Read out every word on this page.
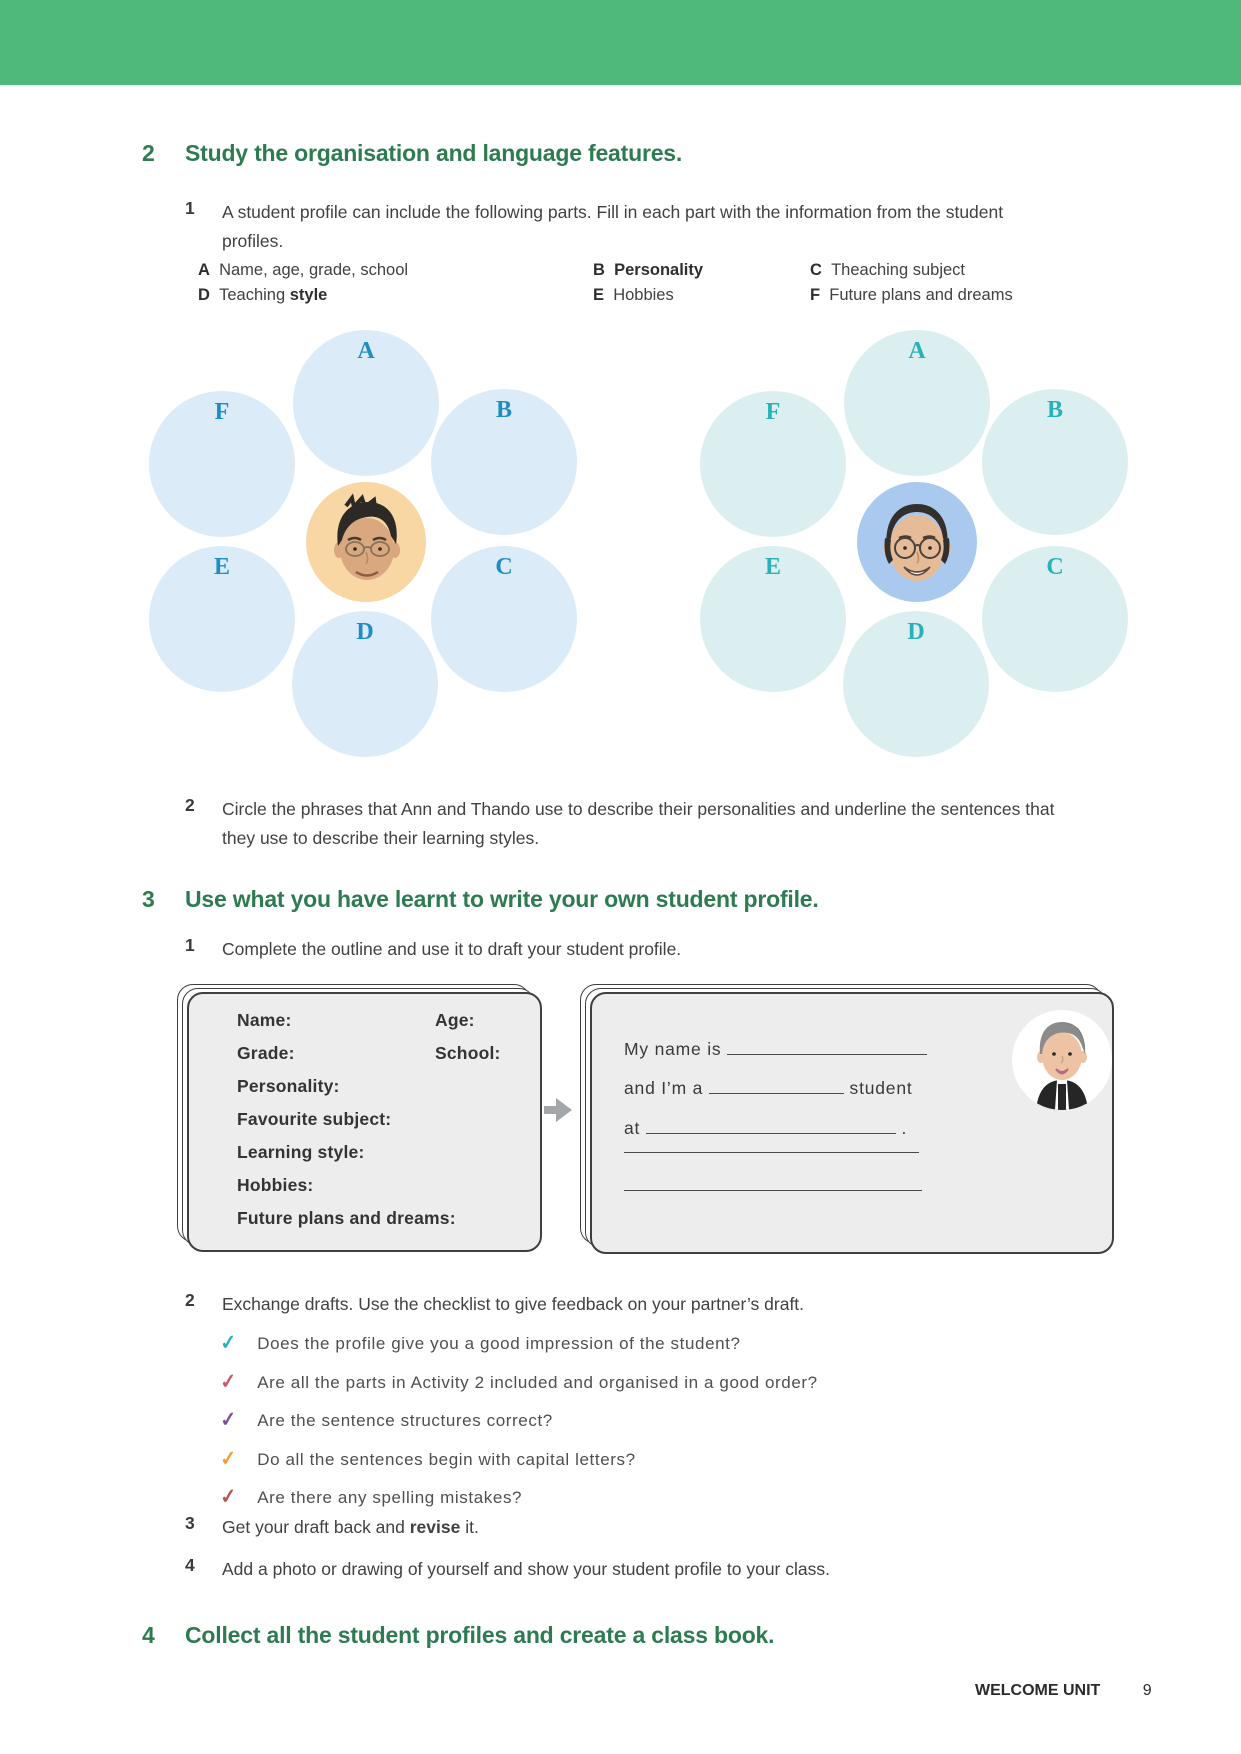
2 Study the organisation and language features.
1 A student profile can include the following parts. Fill in each part with the information from the student profiles.
A Name, age, grade, school	B Personality	C Theaching subject
D Teaching style	E Hobbies	F Future plans and dreams
A
B
C
D
E
F
A
B
C
D
E
F
2 Circle the phrases that Ann and Thando use to describe their personalities and underline the sentences that they use to describe their learning styles.
3 Use what you have learnt to write your own student profile.
1 Complete the outline and use it to draft your student profile.
Name:	Age:
Grade:	School:
Personality:
Favourite subject:
Learning style:
Hobbies:
Future plans and dreams:
My name is
and I’m a	student
at	.
2 Exchange drafts. Use the checklist to give feedback on your partner’s draft.
✓ Does the profile give you a good impression of the student?
✓ Are all the parts in Activity 2 included and organised in a good order?
✓ Are the sentence structures correct?
✓ Do all the sentences begin with capital letters?
✓ Are there any spelling mistakes?
3 Get your draft back and revise it.
4 Add a photo or drawing of yourself and show your student profile to your class.
4 Collect all the student profiles and create a class book.
WELCOME UNIT	9
